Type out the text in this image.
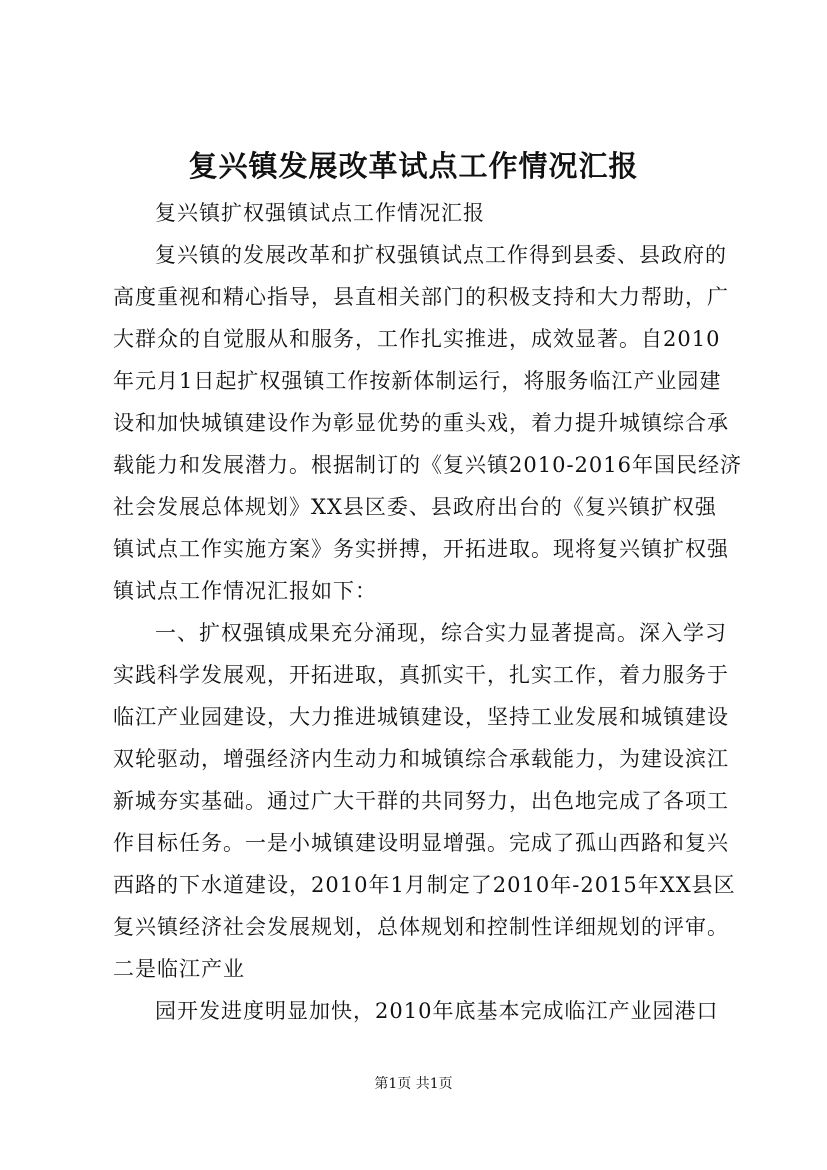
复兴镇发展改革试点工作情况汇报
复兴镇扩权强镇试点工作情况汇报
复兴镇的发展改革和扩权强镇试点工作得到县委、县政府的
高度重视和精心指导，县直相关部门的积极支持和大力帮助，广
大群众的自觉服从和服务，工作扎实推进，成效显著。自2010
年元月1日起扩权强镇工作按新体制运行，将服务临江产业园建
设和加快城镇建设作为彰显优势的重头戏，着力提升城镇综合承
载能力和发展潜力。根据制订的《复兴镇2010-2016年国民经济
社会发展总体规划》XX县区委、县政府出台的《复兴镇扩权强
镇试点工作实施方案》务实拼搏，开拓进取。现将复兴镇扩权强
镇试点工作情况汇报如下：
一、扩权强镇成果充分涌现，综合实力显著提高。深入学习
实践科学发展观，开拓进取，真抓实干，扎实工作，着力服务于
临江产业园建设，大力推进城镇建设，坚持工业发展和城镇建设
双轮驱动，增强经济内生动力和城镇综合承载能力，为建设滨江
新城夯实基础。通过广大干群的共同努力，出色地完成了各项工
作目标任务。一是小城镇建设明显增强。完成了孤山西路和复兴
西路的下水道建设，2010年1月制定了2010年-2015年XX县区
复兴镇经济社会发展规划，总体规划和控制性详细规划的评审。
二是临江产业
园开发进度明显加快，2010年底基本完成临江产业园港口
第1页 共1页
